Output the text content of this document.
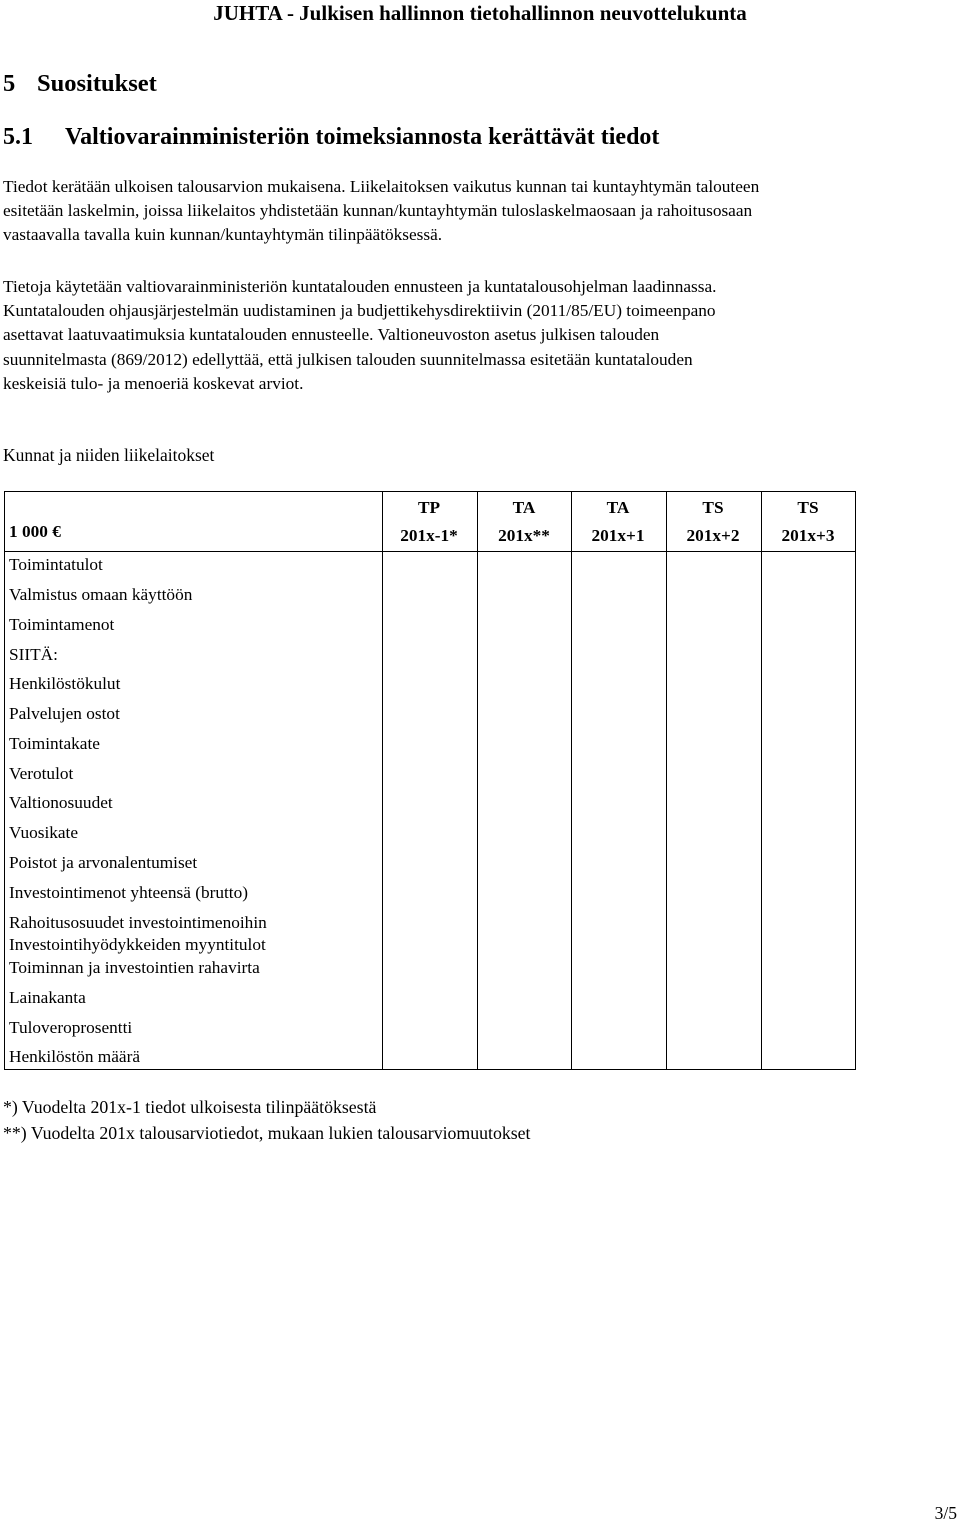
JUHTA - Julkisen hallinnon tietohallinnon neuvottelukunta
5 Suositukset
5.1 Valtiovarainministeriön toimeksiannosta kerättävät tiedot
Tiedot kerätään ulkoisen talousarvion mukaisena. Liikelaitoksen vaikutus kunnan tai kuntayhtymän talouteen
esitetään laskelmin, joissa liikelaitos yhdistetään kunnan/kuntayhtymän tuloslaskelmaosaan ja rahoitusosaan
vastaavalla tavalla kuin kunnan/kuntayhtymän tilinpäätöksessä.
Tietoja käytetään valtiovarainministeriön kuntatalouden ennusteen ja kuntatalousohjelman laadinnassa.
Kuntatalouden ohjausjärjestelmän uudistaminen ja budjettikehysdirektiivin (2011/85/EU) toimeenpano
asettavat laatuvaatimuksia kuntatalouden ennusteelle. Valtioneuvoston asetus julkisen talouden
suunnitelmasta (869/2012) edellyttää, että julkisen talouden suunnitelmassa esitetään kuntatalouden
keskeisiä tulo- ja menoeriä koskevat arviot.
Kunnat ja niiden liikelaitokset
TP
201x-1*
TA
201x**
TA
201x+1
TS
201x+2
TS
201x+3
1 000 €
Toimintatulot
Valmistus omaan käyttöön
Toimintamenot
SIITÄ:
Henkilöstökulut
Palvelujen ostot
Toimintakate
Verotulot
Valtionosuudet
Vuosikate
Poistot ja arvonalentumiset
Investointimenot yhteensä (brutto)
Rahoitusosuudet investointimenoihin
Investointihyödykkeiden myyntitulot
Toiminnan ja investointien rahavirta
Lainakanta
Tuloveroprosentti
Henkilöstön määrä
*) Vuodelta 201x-1 tiedot ulkoisesta tilinpäätöksestä
**) Vuodelta 201x talousarviotiedot, mukaan lukien talousarviomuutokset
3/5
